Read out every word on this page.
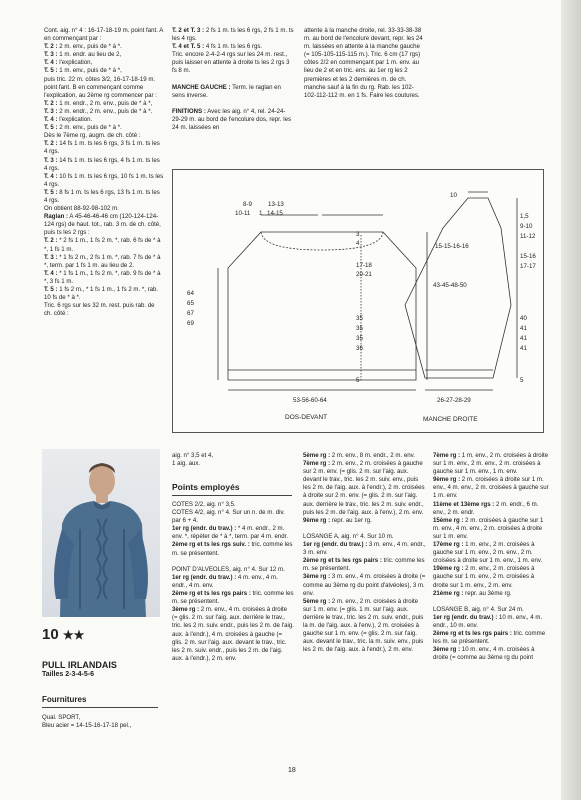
Cont. aig. n° 4 : 16-17-18-19 m. point fant. A en commençant par :

T. 2 : 2 m. env., puis de * à *.

T. 3 : 1 m. endr. au lieu de 2,

T. 4 : l'explication,

T. 5 : 1 m. env., puis de * à *,

puis tric. 22 m. côtes 3/2, 16-17-18-19 m. point fant. B en commençant comme l'explication, au 2ème rg commencer par :

T. 2 : 1 m. endr., 2 m. env., puis de * à *,

T. 3 : 2 m. endr., 2 m. env., puis de * à *.

T. 4 : l'explication.

T. 5 : 2 m. env., puis de * à *.

Dès le 7ème rg, augm. de ch. côté :

T. 2 : 14 fs 1 m. ts les 6 rgs, 3 fs 1 m. ts les 4 rgs.

T. 3 : 14 fs 1 m. ts les 6 rgs, 4 fs 1 m. ts les 4 rgs.

T. 4 : 10 fs 1 m. ts les 6 rgs, 10 fs 1 m. ts les 4 rgs.

T. 5 : 8 fs 1 m. ts les 6 rgs, 13 fs 1 m. ts les 4 rgs.

On obtient 88-92-98-102 m.

Raglan : A 45-46-46-46 cm (120-124-124-124 rgs) de haut. tot., rab. 3 m. de ch. côté, puis ts les 2 rgs :

T. 2 : * 2 fs 1 m., 1 fs 2 m. *, rab. 6 fs de * à *, 1 fs 1 m.

T. 3 : * 1 fs 2 m., 2 fs 1 m. *, rab. 7 fs de * à *, term. par 1 fs 1 m. au lieu de 2.

T. 4 : * 1 fs 1 m., 1 fs 2 m. *, rab. 9 fs de * à *, 3 fs 1 m.

T. 5 : 1 fs 2 m., * 1 fs 1 m., 1 fs 2 m. *, rab. 10 fs de * à *.

Tric. 6 rgs sur les 32 m. rest. puis rab. de ch. côté :

T. 2 et T. 3 : 2 fs 1 m. ts les 6 rgs, 2 fs 1 m. ts les 4 rgs.

T. 4 et T. 5 : 4 fs 1 m. ts les 6 rgs.

Tric. encore 2-4-2-4 rgs sur les 24 m. rest., puis laisser en attente à droite ts les 2 rgs 3 fs 8 m.

MANCHE GAUCHE : Term. le raglan en sens inverse.

FINITIONS : Avec les aig. n° 4, rel. 24-24-29-29 m. au bord de l'encolure dos, repr. les 24 m. laissées en

attente à la manche droite, rel. 33-33-38-38 m. au bord de l'encolure devant, repr. les 24 m. laissées en attente à la manche gauche (= 105-105-115-115 m.). Tric. 6 cm (17 rgs) côtes 2/2 en commençant par 1 m. env. au lieu de 2 et en tric. ens. au 1er rg les 2 premières et les 2 dernières m. de ch. manche sauf à la fin du rg. Rab. les 102-102-112-112 m. en 1 fs. Faire les coutures.

8-9
10-11
13-13
1 14-15
3
4
17-18
20-21
64
65
67
69
35
35
35
36
5
53-56-60-64
10
1,5
9-10
11-12
15-15-16-16
15-16
17-17
43-45-48-50
40
41
41
41
5
26-27-28-29
DOS-DEVANT	MANCHE DROITE
10 ★★
PULL IRLANDAIS
Tailles 2-3-4-5-6
Fournitures

Qual. SPORT,

Bleu acier = 14-15-16-17-18 pel.,

aig. n° 3,5 et 4,

1 aig. aux.

Points employés

COTES 2/2, aig. n° 3,5.

COTES 4/2, aig. n° 4. Sur un n. de m. div. par 6 + 4.

1er rg (endr. du trav.) : * 4 m. endr., 2 m. env. *, répéter de * à *, term. par 4 m. endr.

2ème rg et ts les rgs suiv. : tric. comme les m. se présentent.

POINT D'ALVEOLES, aig. n° 4. Sur 12 m.

1er rg (endr. du trav.) : 4 m. env., 4 m. endr., 4 m. env.

2ème rg et ts les rgs pairs : tric. comme les m. se présentent.

3ème rg : 2 m. env., 4 m. croisées à droite (= glis. 2 m. sur l'aig. aux. derrière le trav., tric. les 2 m. suiv. endr., puis les 2 m. de l'aig. aux. à l'endr.), 4 m. croisées à gauche (= glis. 2 m. sur l'aig. aux. devant le trav., tric. les 2 m. suiv. endr., puis les 2 m. de l'aig. aux. à l'endr.), 2 m. env.

5ème rg : 2 m. env., 8 m. endr., 2 m. env.

7ème rg : 2 m. env., 2 m. croisées à gauche sur 2 m. env. (= glis. 2 m. sur l'aig. aux. devant le trav., tric. les 2 m. suiv. env., puis les 2 m. de l'aig. aux. à l'endr.), 2 m. croisées à droite sur 2 m. env. (= glis. 2 m. sur l'aig. aux. derrière le trav., tric. les 2 m. suiv. endr., puis les 2 m. de l'aig. aux. à l'env.), 2 m. env.

9ème rg : repr. au 1er rg.

LOSANGE A, aig. n° 4. Sur 10 m.

1er rg (endr. du trav.) : 3 m. env., 4 m. endr., 3 m. env.

2ème rg et ts les rgs pairs : tric. comme les m. se présentent.

3ème rg : 3 m. env., 4 m. croisées à droite (= comme au 3ème rg du point d'alvéoles), 3 m. env.

5ème rg : 2 m. env., 2 m. croisées à droite sur 1 m. env. (= glis. 1 m. sur l'aig. aux. derrière le trav., tric. les 2 m. suiv. endr., puis la m. de l'aig. aux. à l'env.), 2 m. croisées à gauche sur 1 m. env. (= glis. 2 m. sur l'aig. aux. devant le trav., tric. la m. suiv. env., puis les 2 m. de l'aig. aux. à l'endr.), 2 m. env.

7ème rg : 1 m. env., 2 m. croisées à droite sur 1 m. env., 2 m. env., 2 m. croisées à gauche sur 1 m. env., 1 m. env.

9ème rg : 2 m. croisées à droite sur 1 m. env., 4 m. env., 2 m. croisées à gauche sur 1 m. env.

11ème et 13ème rgs : 2 m. endr., 6 m. env., 2 m. endr.

15ème rg : 2 m. croisées à gauche sur 1 m. env., 4 m. env., 2 m. croisées à droite sur 1 m. env.

17ème rg : 1 m. env., 2 m. croisées à gauche sur 1 m. env., 2 m. env., 2 m. croisées à droite sur 1 m. env., 1 m. env.

19ème rg : 2 m. env., 2 m. croisées à gauche sur 1 m. env., 2 m. croisées à droite sur 1 m. env., 2 m. env.

21ème rg : repr. au 3ème rg.

LOSANGE B, aig. n° 4. Sur 24 m.

1er rg (endr. du trav.) : 10 m. env., 4 m. endr., 10 m. env.

2ème rg et ts les rgs pairs : tric. comme les m. se présentent.

3ème rg : 10 m. env., 4 m. croisées à droite (= comme au 3ème rg du point

18
